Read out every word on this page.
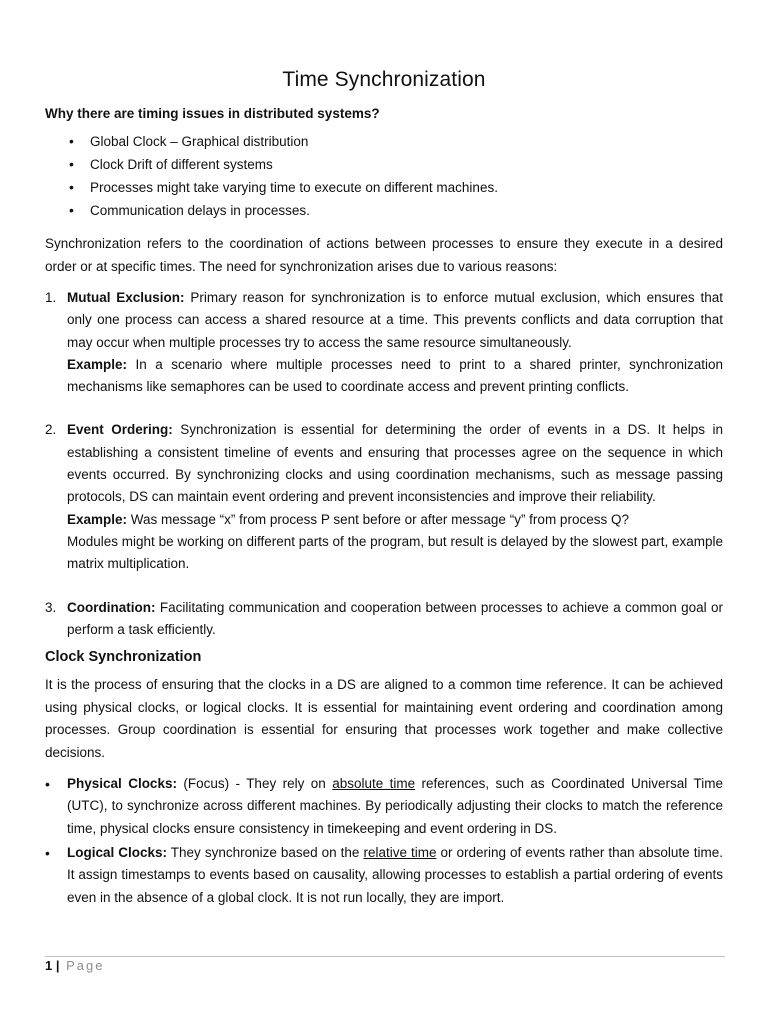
Time Synchronization

Why there are timing issues in distributed systems?

• Global Clock – Graphical distribution
• Clock Drift of different systems
• Processes might take varying time to execute on different machines.
• Communication delays in processes.

Synchronization refers to the coordination of actions between processes to ensure they execute in a desired order or at specific times. The need for synchronization arises due to various reasons:

1. Mutual Exclusion: Primary reason for synchronization is to enforce mutual exclusion, which ensures that only one process can access a shared resource at a time. This prevents conflicts and data corruption that may occur when multiple processes try to access the same resource simultaneously.
Example: In a scenario where multiple processes need to print to a shared printer, synchronization mechanisms like semaphores can be used to coordinate access and prevent printing conflicts.
2. Event Ordering: Synchronization is essential for determining the order of events in a DS. It helps in establishing a consistent timeline of events and ensuring that processes agree on the sequence in which events occurred. By synchronizing clocks and using coordination mechanisms, such as message passing protocols, DS can maintain event ordering and prevent inconsistencies and improve their reliability.
Example: Was message “x” from process P sent before or after message “y” from process Q?
Modules might be working on different parts of the program, but result is delayed by the slowest part, example matrix multiplication.
3. Coordination: Facilitating communication and cooperation between processes to achieve a common goal or perform a task efficiently.

Clock Synchronization

It is the process of ensuring that the clocks in a DS are aligned to a common time reference. It can be achieved using physical clocks, or logical clocks. It is essential for maintaining event ordering and coordination among processes. Group coordination is essential for ensuring that processes work together and make collective decisions.

• Physical Clocks: (Focus) - They rely on absolute time references, such as Coordinated Universal Time (UTC), to synchronize across different machines. By periodically adjusting their clocks to match the reference time, physical clocks ensure consistency in timekeeping and event ordering in DS.
• Logical Clocks: They synchronize based on the relative time or ordering of events rather than absolute time. It assign timestamps to events based on causality, allowing processes to establish a partial ordering of events even in the absence of a global clock. It is not run locally, they are import.
1 | Page
